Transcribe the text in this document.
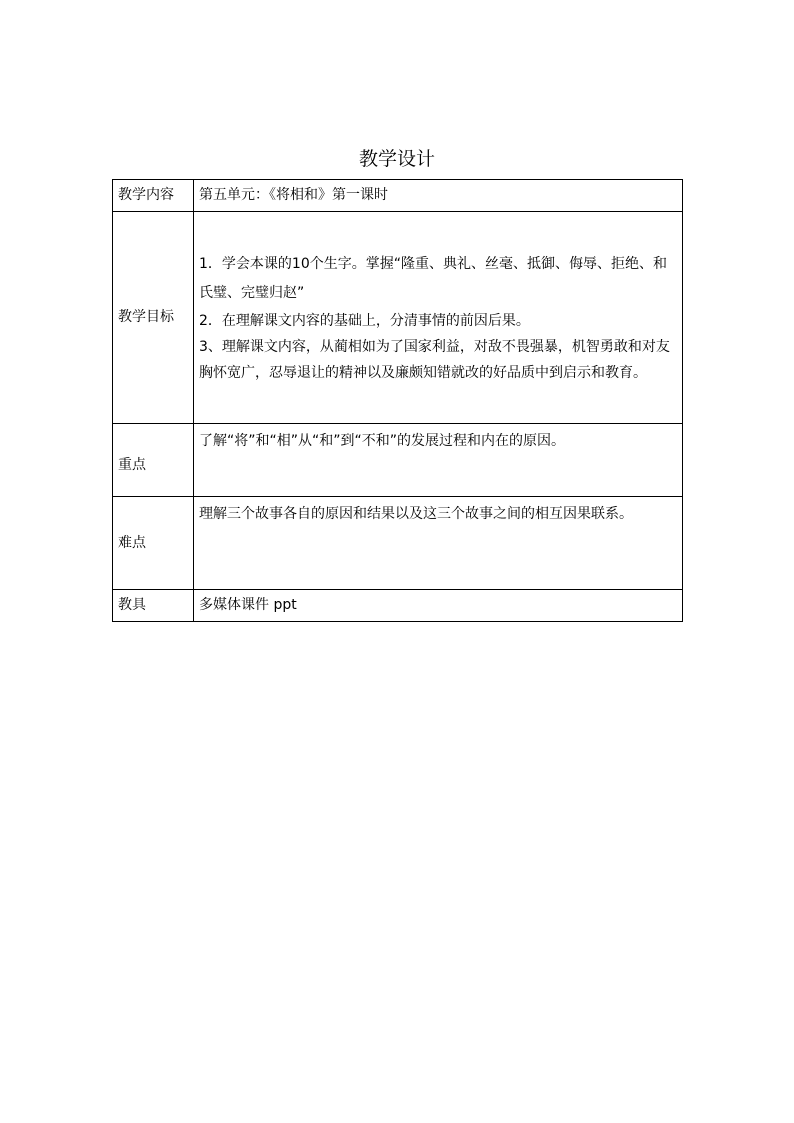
教学设计
教学内容	第五单元：《将相和》第一课时
教学目标	1．学会本课的10个生字。掌握“隆重、典礼、丝毫、抵御、侮辱、拒绝、和氏璧、完璧归赵”
2．在理解课文内容的基础上，分清事情的前因后果。
3、理解课文内容，从蔺相如为了国家利益，对敌不畏强暴，机智勇敢和对友胸怀宽广，忍辱退让的精神以及廉颇知错就改的好品质中到启示和教育。

重点	了解“将”和“相”从“和”到“不和”的发展过程和内在的原因。
难点	理解三个故事各自的原因和结果以及这三个故事之间的相互因果联系。
教具	多媒体课件 ppt
